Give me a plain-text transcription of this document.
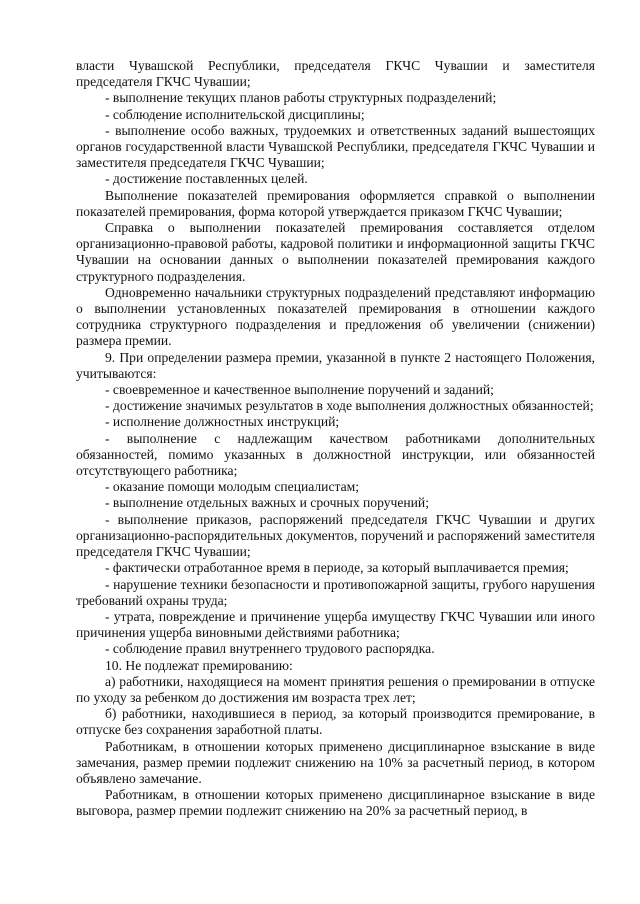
власти Чувашской Республики, председателя ГКЧС Чувашии и заместителя председателя ГКЧС Чувашии;

- выполнение текущих планов работы структурных подразделений;

- соблюдение исполнительской дисциплины;

- выполнение особо важных, трудоемких и ответственных заданий вышестоящих органов государственной власти Чувашской Республики, председателя ГКЧС Чувашии и заместителя председателя ГКЧС Чувашии;

- достижение поставленных целей.

Выполнение показателей премирования оформляется справкой о выполнении показателей премирования, форма которой утверждается приказом ГКЧС Чувашии;

Справка о выполнении показателей премирования составляется отделом организационно-правовой работы, кадровой политики и информационной защиты ГКЧС Чувашии на основании данных о выполнении показателей премирования каждого структурного подразделения.

Одновременно начальники структурных подразделений представляют информацию о выполнении установленных показателей премирования в отношении каждого сотрудника структурного подразделения и предложения об увеличении (снижении) размера премии.

9. При определении размера премии, указанной в пункте 2 настоящего Положения, учитываются:

- своевременное и качественное выполнение поручений и заданий;

- достижение значимых результатов в ходе выполнения должностных обязанностей;

- исполнение должностных инструкций;

- выполнение с надлежащим качеством работниками дополнительных обязанностей, помимо указанных в должностной инструкции, или обязанностей отсутствующего работника;

- оказание помощи молодым специалистам;

- выполнение отдельных важных и срочных поручений;

- выполнение приказов, распоряжений председателя ГКЧС Чувашии и других организационно-распорядительных документов, поручений и распоряжений заместителя председателя ГКЧС Чувашии;

- фактически отработанное время в периоде, за который выплачивается премия;

- нарушение техники безопасности и противопожарной защиты, грубого нарушения требований охраны труда;

- утрата, повреждение и причинение ущерба имуществу ГКЧС Чувашии или иного причинения ущерба виновными действиями работника;

- соблюдение правил внутреннего трудового распорядка.

10. Не подлежат премированию:

а) работники, находящиеся на момент принятия решения о премировании в отпуске по уходу за ребенком до достижения им возраста трех лет;

б) работники, находившиеся в период, за который производится премирование, в отпуске без сохранения заработной платы.

Работникам, в отношении которых применено дисциплинарное взыскание в виде замечания, размер премии подлежит снижению на 10% за расчетный период, в котором объявлено замечание.

Работникам, в отношении которых применено дисциплинарное взыскание в виде выговора, размер премии подлежит снижению на 20% за расчетный период, в
